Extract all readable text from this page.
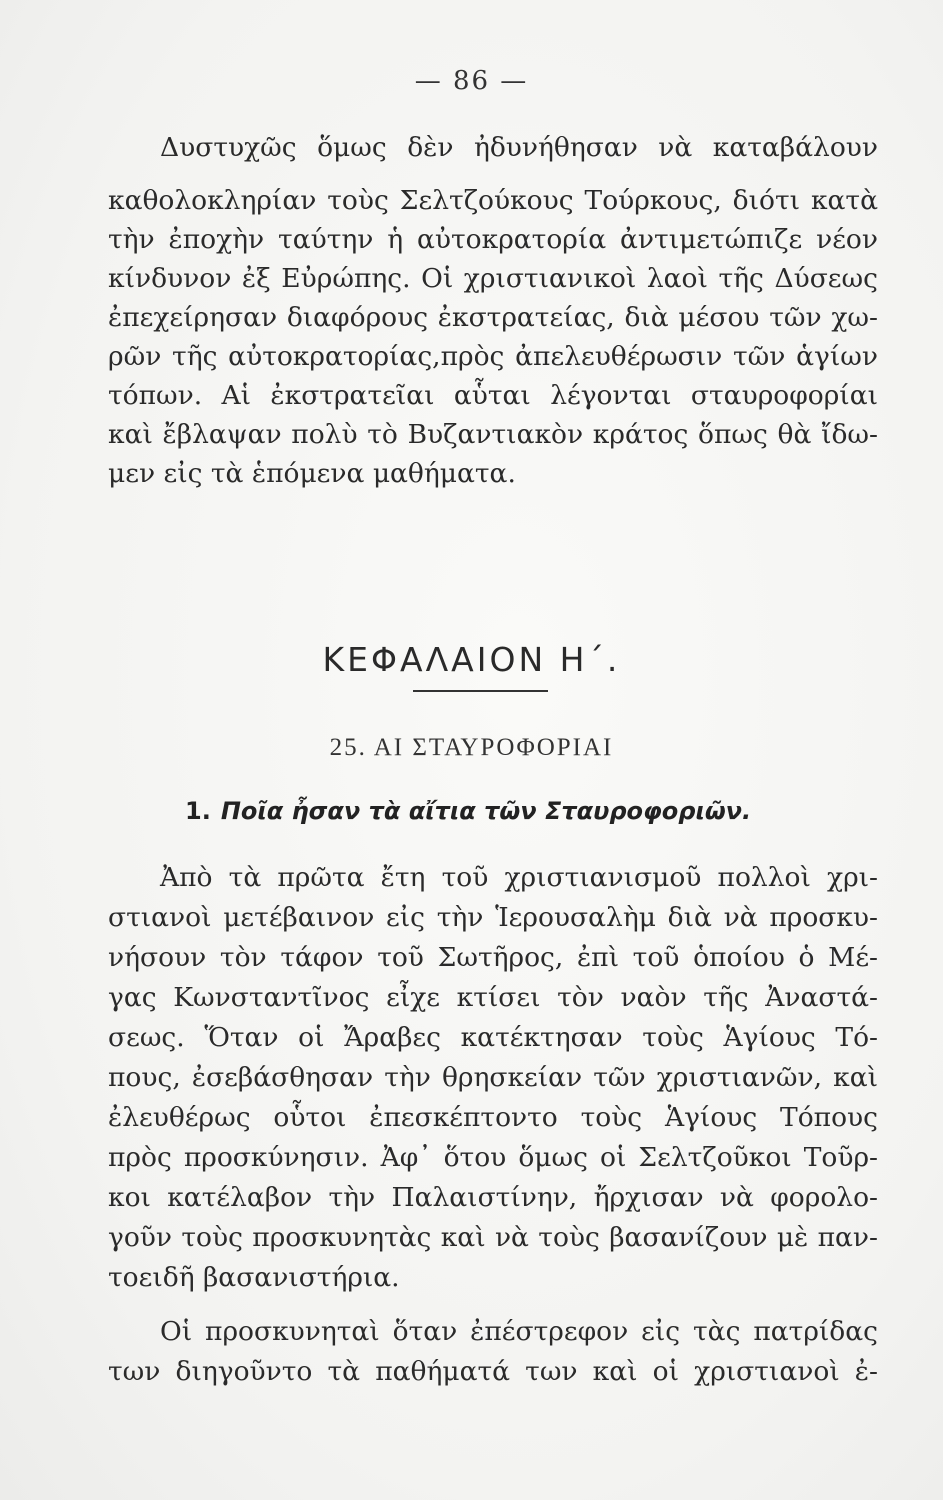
— 86 —
Δυστυχῶς ὅμως δὲν ἠδυνήθησαν νὰ καταβάλουν
καθολοκληρίαν τοὺς Σελτζούκους Τούρκους, διότι κατὰ
τὴν ἐποχὴν ταύτην ἡ αὐτοκρατορία ἀντιμετώπιζε νέον
κίνδυνον ἐξ Εὐρώπης. Οἱ χριστιανικοὶ λαοὶ τῆς Δύσεως
ἐπεχείρησαν διαφόρους ἐκστρατείας, διὰ μέσου τῶν χω-
ρῶν τῆς αὐτοκρατορίας,πρὸς ἀπελευθέρωσιν τῶν ἁγίων
τόπων. Αἱ ἐκστρατεῖαι αὗται λέγονται σταυροφορίαι
καὶ ἔβλαψαν πολὺ τὸ Βυζαντιακὸν κράτος ὅπως θὰ ἴδω-
μεν εἰς τὰ ἑπόμενα μαθήματα.
ΚΕΦΑΛΑΙΟΝ Η΄.
25. ΑΙ ΣΤΑΥΡΟΦΟΡΙΑΙ
1. Ποῖα ἦσαν τὰ αἴτια τῶν Σταυροφοριῶν.
Ἀπὸ τὰ πρῶτα ἔτη τοῦ χριστιανισμοῦ πολλοὶ χρι-
στιανοὶ μετέβαινον εἰς τὴν Ἱερουσαλὴμ διὰ νὰ προσκυ-
νήσουν τὸν τάφον τοῦ Σωτῆρος, ἐπὶ τοῦ ὁποίου ὁ Μέ-
γας Κωνσταντῖνος εἶχε κτίσει τὸν ναὸν τῆς Ἀναστά-
σεως. Ὅταν οἱ Ἄραβες κατέκτησαν τοὺς Ἁγίους Τό-
πους, ἐσεβάσθησαν τὴν θρησκείαν τῶν χριστιανῶν, καὶ
ἐλευθέρως οὗτοι ἐπεσκέπτοντο τοὺς Ἁγίους Τόπους
πρὸς προσκύνησιν. Ἀφ᾽ ὅτου ὅμως οἱ Σελτζοῦκοι Τοῦρ-
κοι κατέλαβον τὴν Παλαιστίνην, ἤρχισαν νὰ φορολο-
γοῦν τοὺς προσκυνητὰς καὶ νὰ τοὺς βασανίζουν μὲ παν-
τοειδῆ βασανιστήρια.
Οἱ προσκυνηταὶ ὅταν ἐπέστρεφον εἰς τὰς πατρίδας
των διηγοῦντο τὰ παθήματά των καὶ οἱ χριστιανοὶ ἐ-
